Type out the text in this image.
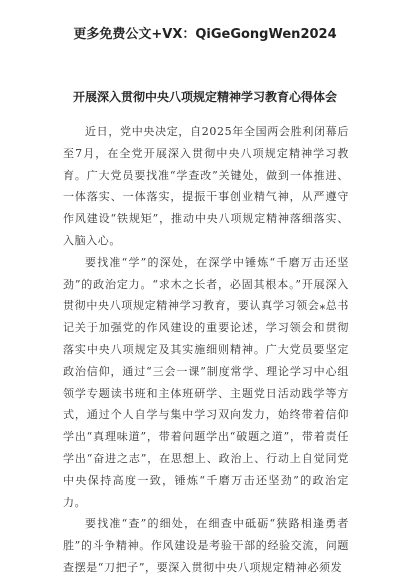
更多免费公文+VX：QiGeGongWen2024
开展深入贯彻中央八项规定精神学习教育心得体会

近日，党中央决定，自2025年全国两会胜利闭幕后至7月，在全党开展深入贯彻中央八项规定精神学习教育。广大党员要找准“学查改”关键处，做到一体推进、一体落实、一体落实，提振干事创业精气神，从严遵守作风建设“铁规矩”，推动中央八项规定精神落细落实、入脑入心。

要找准“学”的深处，在深学中锤炼“千磨万击还坚劲”的政治定力。“求木之长者，必固其根本。”开展深入贯彻中央八项规定精神学习教育，要认真学习领会⁎总书记关于加强党的作风建设的重要论述，学习领会和贯彻落实中央八项规定及其实施细则精神。广大党员要坚定政治信仰，通过“三会一课”制度常学、理论学习中心组领学专题读书班和主体班研学、主题党日活动践学等方式，通过个人自学与集中学习双向发力，始终带着信仰学出“真理味道”，带着问题学出“破题之道”，带着责任学出“奋进之志”，在思想上、政治上、行动上自觉同党中央保持高度一致，锤炼“千磨万击还坚劲”的政治定力。

要找准“查”的细处，在细查中砥砺“狭路相逢勇者胜”的斗争精神。作风建设是考验干部的经验交流，问题查摆是“刀把子”，要深入贯彻中央八项规定精神必须发
